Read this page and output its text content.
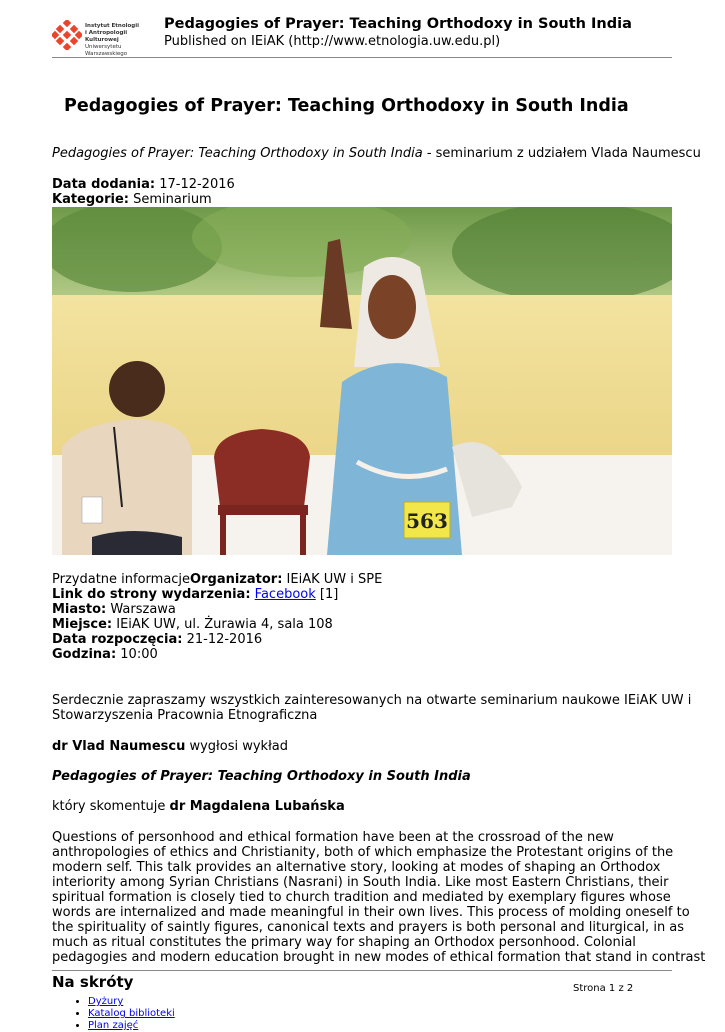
Instytut Etnologii
i Antropologii Kulturowej
Uniwersytetu Warszawskiego
Pedagogies of Prayer: Teaching Orthodoxy in South India
Published on IEiAK (http://www.etnologia.uw.edu.pl)
Pedagogies of Prayer: Teaching Orthodoxy in South India
Pedagogies of Prayer: Teaching Orthodoxy in South India - seminarium z udziałem Vlada Naumescu
Data dodania: 17-12-2016
Kategorie: Seminarium
563
Przydatne informacjeOrganizator: IEiAK UW i SPE
Link do strony wydarzenia: Facebook [1]
Miasto: Warszawa
Miejsce: IEiAK UW, ul. Żurawia 4, sala 108
Data rozpoczęcia: 21-12-2016
Godzina: 10:00
Serdecznie zapraszamy wszystkich zainteresowanych na otwarte seminarium naukowe IEiAK UW i
Stowarzyszenia Pracownia Etnograficzna
dr Vlad Naumescu wygłosi wykład
Pedagogies of Prayer: Teaching Orthodoxy in South India
który skomentuje dr Magdalena Lubańska
Questions of personhood and ethical formation have been at the crossroad of the new
anthropologies of ethics and Christianity, both of which emphasize the Protestant origins of the
modern self. This talk provides an alternative story, looking at modes of shaping an Orthodox
interiority among Syrian Christians (Nasrani) in South India. Like most Eastern Christians, their
spiritual formation is closely tied to church tradition and mediated by exemplary figures whose
words are internalized and made meaningful in their own lives. This process of molding oneself to
the spirituality of saintly figures, canonical texts and prayers is both personal and liturgical, in as
much as ritual constitutes the primary way for shaping an Orthodox personhood. Colonial
pedagogies and modern education brought in new modes of ethical formation that stand in contrast
Na skróty	Strona 1 z 2
• Dyżury
• Katalog biblioteki
• Plan zajęć
